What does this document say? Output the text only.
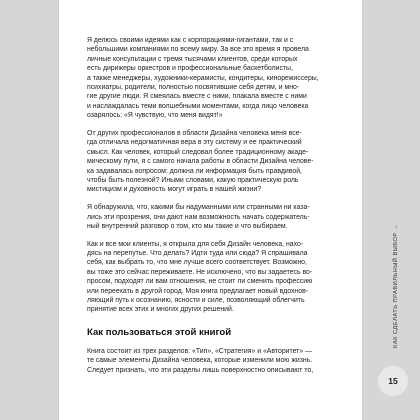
Я делюсь своими идеями как с корпорациями-гигантами, так и с
небольшими компаниями по всему миру. За все это время я провела
личные консультации с тремя тысячами клиентов, среди которых
есть дирижеры оркестров и профессиональные баскетболисты,
а также менеджеры, художники-керамисты, кондитеры, кинорежиссеры,
психиатры, родители, полностью посвятившие себя детям, и мно-
гие другие люди. Я смеялась вместе с ними, плакала вместе с ними
и наслаждалась теми волшебными моментами, когда лицо человека
озарялось: «Я чувствую, что меня видят!»

От других профессионалов в области Дизайна человека меня все-
гда отличала недогматичная вера в эту систему и ее практический
смысл. Как человек, который следовал более традиционному акаде-
мическому пути, я с самого начала работы в области Дизайна челове-
ка задавалась вопросом: должна ли информация быть правдивой,
чтобы быть полезной? Иными словами, какую практическую роль
мистицизм и духовность могут играть в нашей жизни?

Я обнаружила, что, какими бы надуманными или странными ни каза-
лись эти прозрения, они дают нам возможность начать содержатель-
ный внутренний разговор о том, кто мы такие и что выбираем.

Как и все мои клиенты, я открыла для себя Дизайн человека, нахо-
дясь на перепутье. Что делать? Идти туда или сюда? Я спрашивала
себя, как выбрать то, что мне лучше всего соответствует. Возможно,
вы тоже это сейчас переживаете. Не исключено, что вы задаетесь во-
просом, подходят ли вам отношения, не стоит ли сменить профессию
или переехать в другой город. Моя книга предлагает новый вдохнов-
ляющий путь к осознанию, ясности и силе, позволяющий облегчить
принятие всех этих и многих других решений.

Как пользоваться этой книгой

Книга состоит из трех разделов: «Тип», «Стратегия» и «Авторитет» —
те самые элементы Дизайна человека, которые изменили мою жизнь.
Следует признать, что эти разделы лишь поверхностно описывают то,

КАК СДЕЛАТЬ ПРАВИЛЬНЫЙ ВЫБОР →
15
